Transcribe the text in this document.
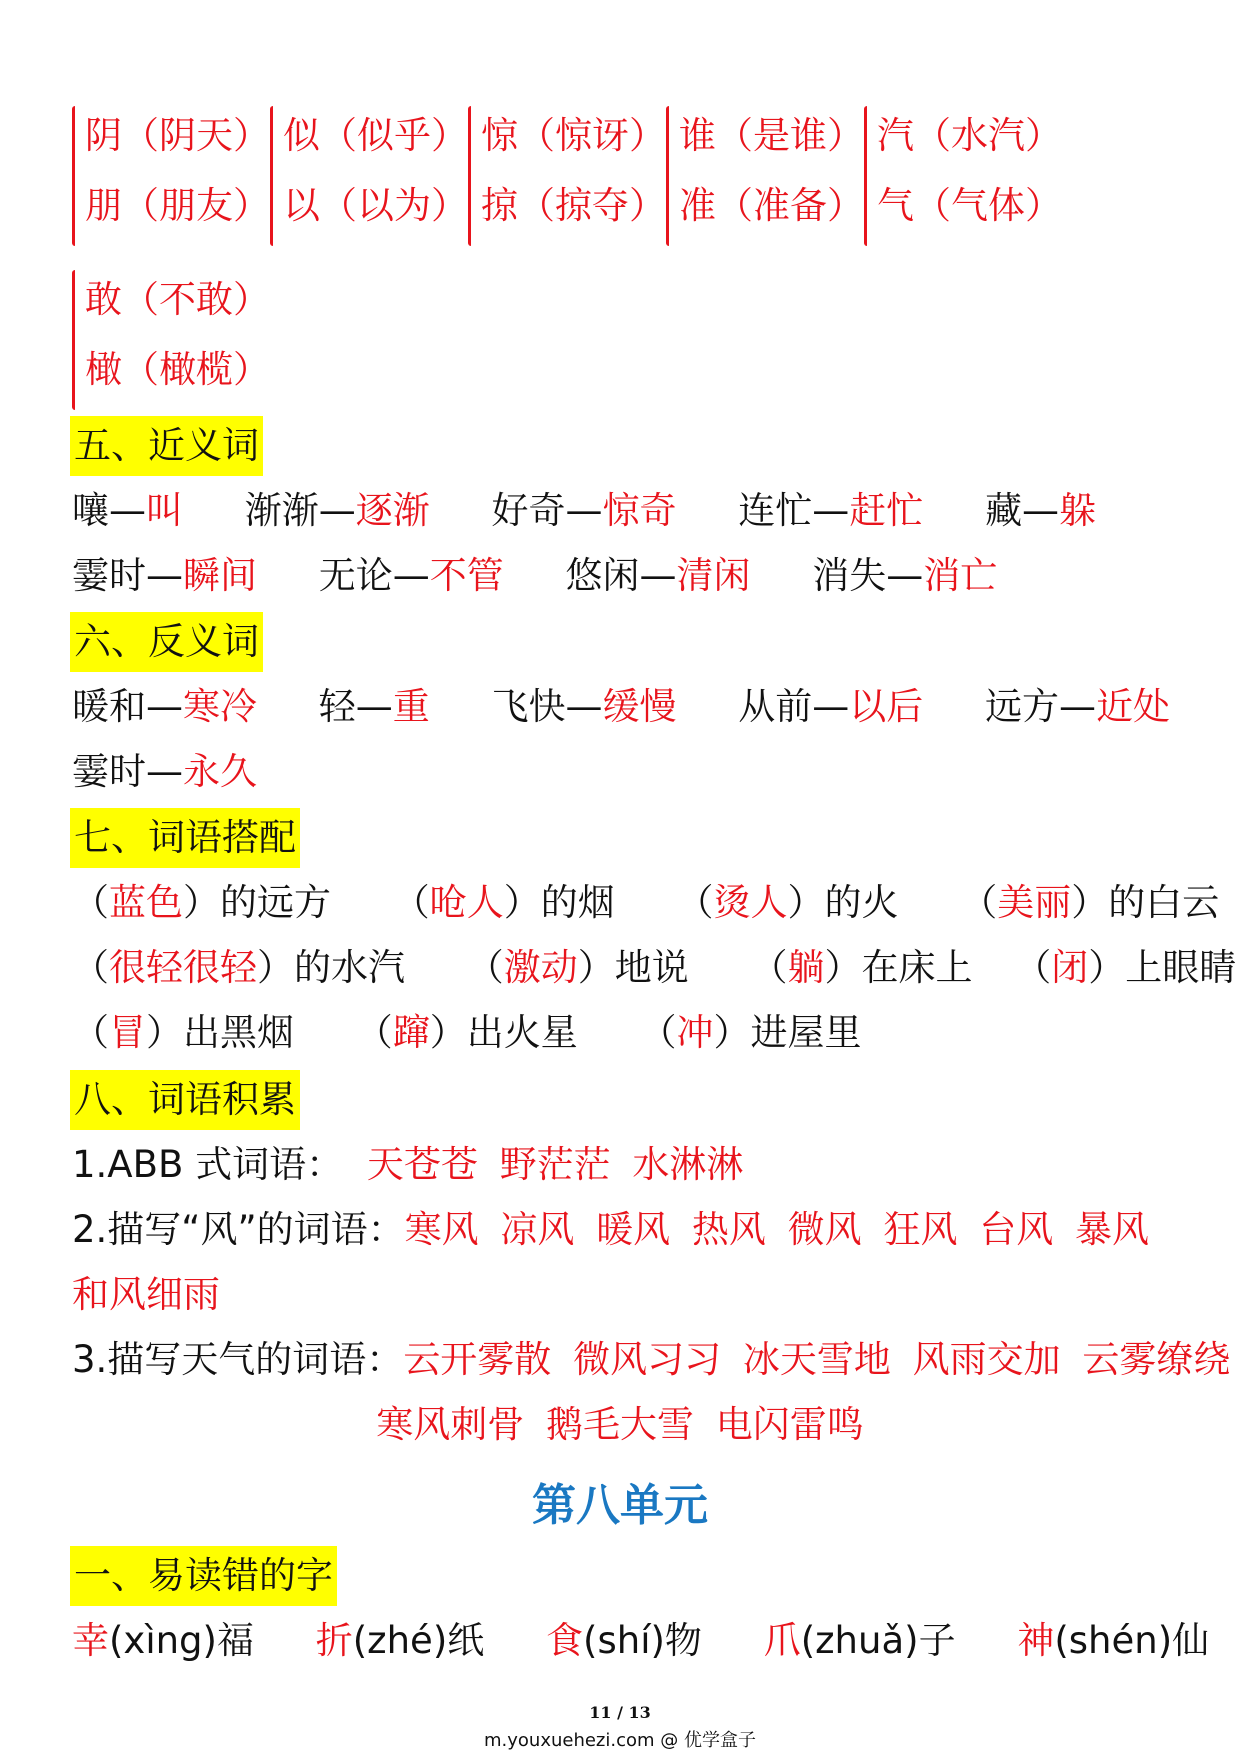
阴（阴天）
朋（朋友）
似（似乎）
以（以为）
惊（惊讶）
掠（掠夺）
谁（是谁）
准（准备）
汽（水汽）
气（气体）
敢（不敢）
橄（橄榄）
五、近义词
嚷—叫 渐渐—逐渐 好奇—惊奇 连忙—赶忙 藏—躲
霎时—瞬间 无论—不管 悠闲—清闲 消失—消亡
六、反义词
暖和—寒冷 轻—重 飞快—缓慢 从前—以后 远方—近处
霎时—永久
七、词语搭配
（蓝色）的远方 （呛人）的烟 （烫人）的火 （美丽）的白云
（很轻很轻）的水汽 （激动）地说 （躺）在床上 （闭）上眼睛
（冒）出黑烟 （蹿）出火星 （冲）进屋里
八、词语积累
1.ABB 式词语： 天苍苍 野茫茫 水淋淋
2.描写“风”的词语：寒风 凉风 暖风 热风 微风 狂风 台风 暴风
和风细雨
3.描写天气的词语：云开雾散 微风习习 冰天雪地 风雨交加 云雾缭绕
寒风刺骨 鹅毛大雪 电闪雷鸣
第八单元
一、易读错的字
幸(xìng)福 折(zhé)纸 食(shí)物 爪(zhuǎ)子 神(shén)仙
11 / 13
m.youxuehezi.com @ 优学盒子
